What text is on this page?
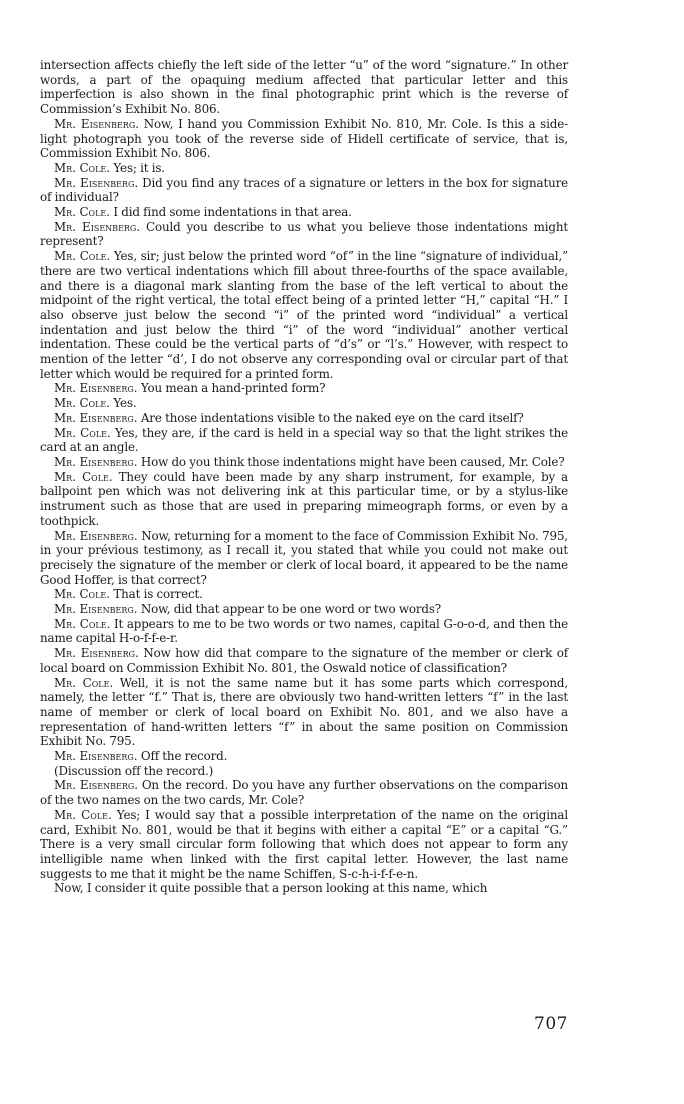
intersection affects chiefly the left side of the letter “u” of the word “signature.” In other words, a part of the opaquing medium affected that particular letter and this imperfection is also shown in the final photographic print which is the reverse of Commission’s Exhibit No. 806.

Mr. Eisenberg. Now, I hand you Commission Exhibit No. 810, Mr. Cole. Is this a side-light photograph you took of the reverse side of Hidell certificate of service, that is, Commission Exhibit No. 806.

Mr. Cole. Yes; it is.

Mr. Eisenberg. Did you find any traces of a signature or letters in the box for signature of individual?

Mr. Cole. I did find some indentations in that area.

Mr. Eisenberg. Could you describe to us what you believe those indentations might represent?

Mr. Cole. Yes, sir; just below the printed word “of” in the line “signature of individual,” there are two vertical indentations which fill about three-fourths of the space available, and there is a diagonal mark slanting from the base of the left vertical to about the midpoint of the right vertical, the total effect being of a printed letter “H,” capital “H.” I also observe just below the second “i” of the printed word “individual” a vertical indentation and just below the third “i” of the word “individual” another vertical indentation. These could be the vertical parts of “d’s” or “l’s.” However, with respect to mention of the letter “d’, I do not observe any corresponding oval or circular part of that letter which would be required for a printed form.

Mr. Eisenberg. You mean a hand-printed form?

Mr. Cole. Yes.

Mr. Eisenberg. Are those indentations visible to the naked eye on the card itself?

Mr. Cole. Yes, they are, if the card is held in a special way so that the light strikes the card at an angle.

Mr. Eisenberg. How do you think those indentations might have been caused, Mr. Cole?

Mr. Cole. They could have been made by any sharp instrument, for example, by a ballpoint pen which was not delivering ink at this particular time, or by a stylus-like instrument such as those that are used in preparing mimeograph forms, or even by a toothpick.

Mr. Eisenberg. Now, returning for a moment to the face of Commission Exhibit No. 795, in your prévious testimony, as I recall it, you stated that while you could not make out precisely the signature of the member or clerk of local board, it appeared to be the name Good Hoffer, is that correct?

Mr. Cole. That is correct.

Mr. Eisenberg. Now, did that appear to be one word or two words?

Mr. Cole. It appears to me to be two words or two names, capital G-o-o-d, and then the name capital H-o-f-f-e-r.

Mr. Eisenberg. Now how did that compare to the signature of the member or clerk of local board on Commission Exhibit No. 801, the Oswald notice of classification?

Mr. Cole. Well, it is not the same name but it has some parts which correspond, namely, the letter “f.” That is, there are obviously two hand-written letters “f” in the last name of member or clerk of local board on Exhibit No. 801, and we also have a representation of hand-written letters “f” in about the same position on Commission Exhibit No. 795.

Mr. Eisenberg. Off the record.

(Discussion off the record.)

Mr. Eisenberg. On the record. Do you have any further observations on the comparison of the two names on the two cards, Mr. Cole?

Mr. Cole. Yes; I would say that a possible interpretation of the name on the original card, Exhibit No. 801, would be that it begins with either a capital “E” or a capital “G.” There is a very small circular form following that which does not appear to form any intelligible name when linked with the first capital letter. However, the last name suggests to me that it might be the name Schiffen, S-c-h-i-f-f-e-n.

Now, I consider it quite possible that a person looking at this name, which

707
